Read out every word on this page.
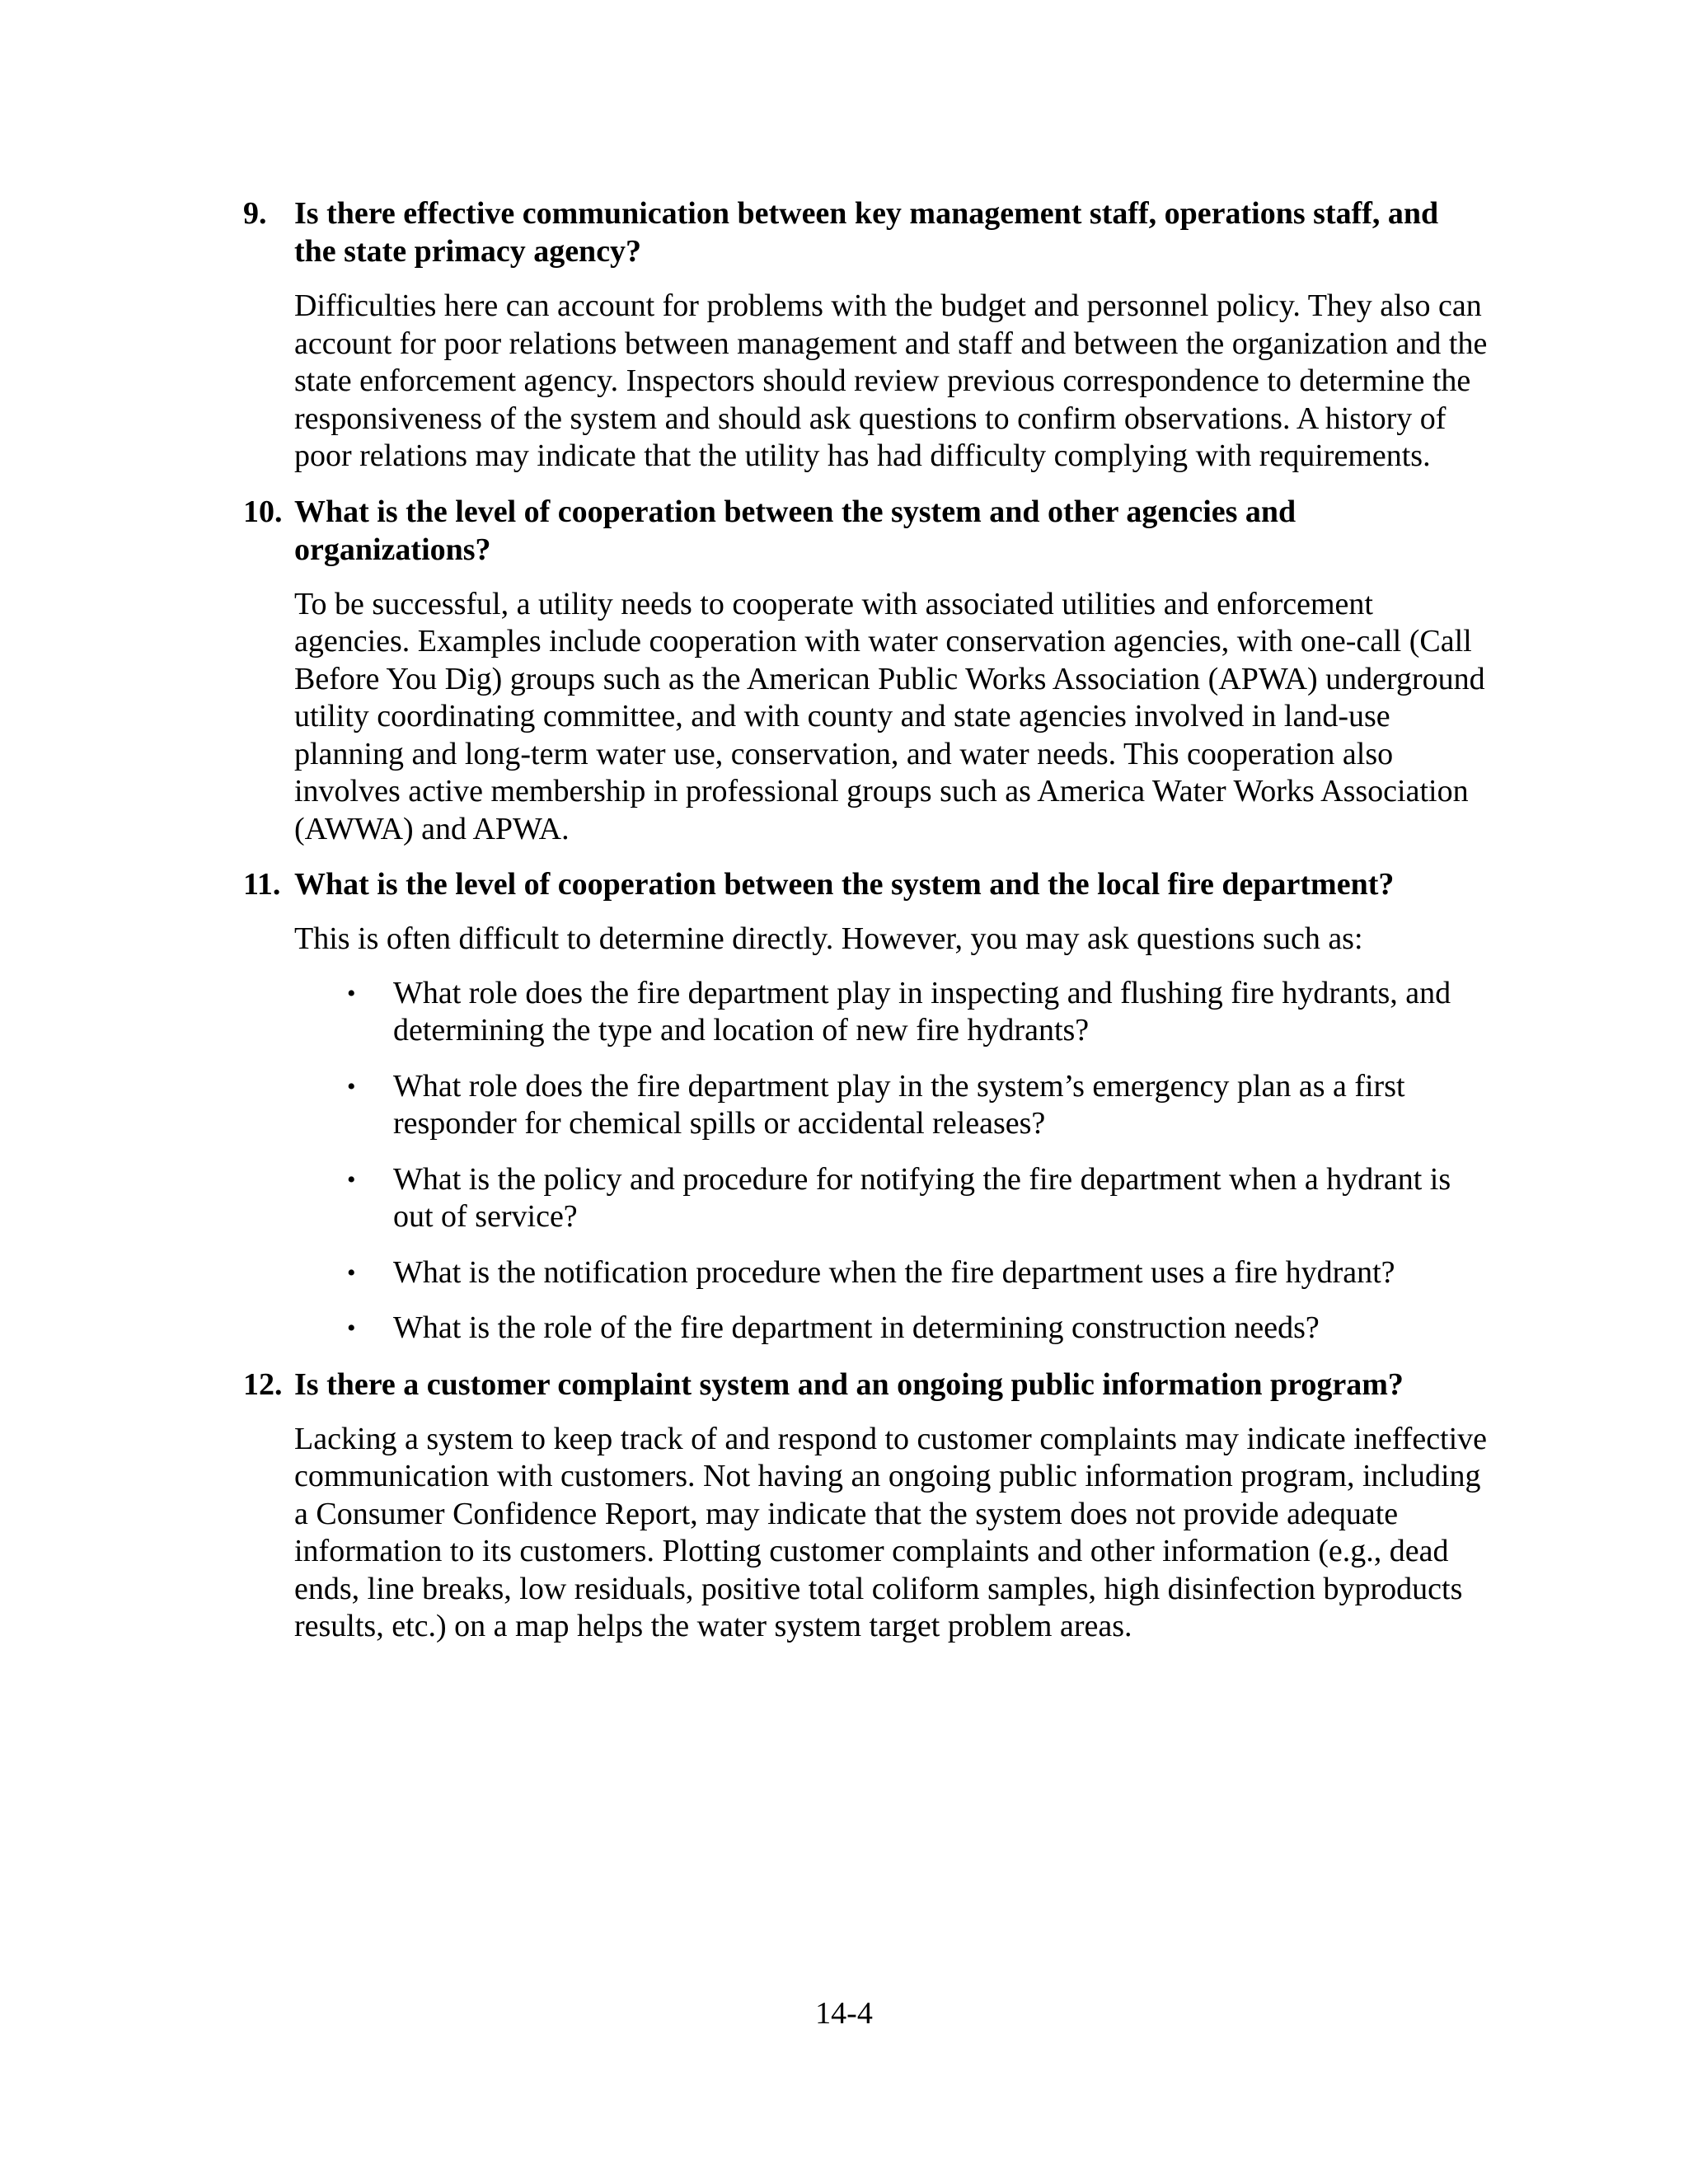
9. Is there effective communication between key management staff, operations staff, and the state primacy agency?
Difficulties here can account for problems with the budget and personnel policy. They also can account for poor relations between management and staff and between the organization and the state enforcement agency. Inspectors should review previous correspondence to determine the responsiveness of the system and should ask questions to confirm observations. A history of poor relations may indicate that the utility has had difficulty complying with requirements.
10. What is the level of cooperation between the system and other agencies and organizations?
To be successful, a utility needs to cooperate with associated utilities and enforcement agencies. Examples include cooperation with water conservation agencies, with one-call (Call Before You Dig) groups such as the American Public Works Association (APWA) underground utility coordinating committee, and with county and state agencies involved in land-use planning and long-term water use, conservation, and water needs. This cooperation also involves active membership in professional groups such as America Water Works Association (AWWA) and APWA.
11. What is the level of cooperation between the system and the local fire department?
This is often difficult to determine directly. However, you may ask questions such as:
• What role does the fire department play in inspecting and flushing fire hydrants, and determining the type and location of new fire hydrants?
• What role does the fire department play in the system’s emergency plan as a first responder for chemical spills or accidental releases?
• What is the policy and procedure for notifying the fire department when a hydrant is out of service?
• What is the notification procedure when the fire department uses a fire hydrant?
• What is the role of the fire department in determining construction needs?
12. Is there a customer complaint system and an ongoing public information program?
Lacking a system to keep track of and respond to customer complaints may indicate ineffective communication with customers. Not having an ongoing public information program, including a Consumer Confidence Report, may indicate that the system does not provide adequate information to its customers. Plotting customer complaints and other information (e.g., dead ends, line breaks, low residuals, positive total coliform samples, high disinfection byproducts results, etc.) on a map helps the water system target problem areas.
14-4
